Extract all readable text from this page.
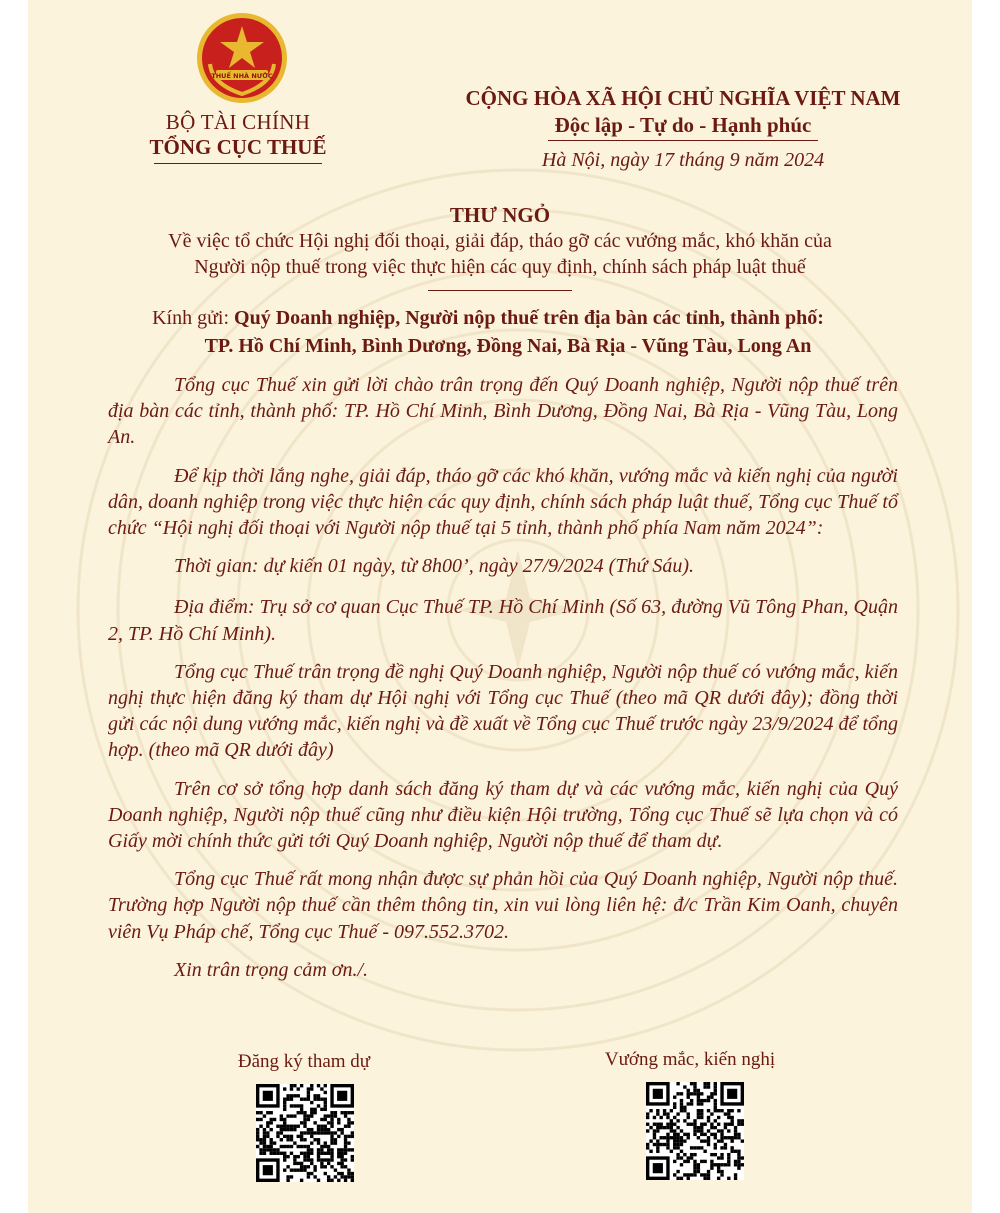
THUẾ NHÀ NƯỚC
BỘ TÀI CHÍNH
TỔNG CỤC THUẾ
CỘNG HÒA XÃ HỘI CHỦ NGHĨA VIỆT NAM
Độc lập - Tự do - Hạnh phúc
Hà Nội, ngày 17 tháng 9 năm 2024
THƯ NGỎ
Về việc tổ chức Hội nghị đối thoại, giải đáp, tháo gỡ các vướng mắc, khó khăn của
Người nộp thuế trong việc thực hiện các quy định, chính sách pháp luật thuế
Kính gửi: Quý Doanh nghiệp, Người nộp thuế trên địa bàn các tỉnh, thành phố:
TP. Hồ Chí Minh, Bình Dương, Đồng Nai, Bà Rịa - Vũng Tàu, Long An

Tổng cục Thuế xin gửi lời chào trân trọng đến Quý Doanh nghiệp, Người nộp thuế trên địa bàn các tỉnh, thành phố: TP. Hồ Chí Minh, Bình Dương, Đồng Nai, Bà Rịa - Vũng Tàu, Long An.

Để kịp thời lắng nghe, giải đáp, tháo gỡ các khó khăn, vướng mắc và kiến nghị của người dân, doanh nghiệp trong việc thực hiện các quy định, chính sách pháp luật thuế, Tổng cục Thuế tổ chức “Hội nghị đối thoại với Người nộp thuế tại 5 tỉnh, thành phố phía Nam năm 2024”:

Thời gian: dự kiến 01 ngày, từ 8h00’, ngày 27/9/2024 (Thứ Sáu).

Địa điểm: Trụ sở cơ quan Cục Thuế TP. Hồ Chí Minh (Số 63, đường Vũ Tông Phan, Quận 2, TP. Hồ Chí Minh).

Tổng cục Thuế trân trọng đề nghị Quý Doanh nghiệp, Người nộp thuế có vướng mắc, kiến nghị thực hiện đăng ký tham dự Hội nghị với Tổng cục Thuế (theo mã QR dưới đây); đồng thời gửi các nội dung vướng mắc, kiến nghị và đề xuất về Tổng cục Thuế trước ngày 23/9/2024 để tổng hợp. (theo mã QR dưới đây)

Trên cơ sở tổng hợp danh sách đăng ký tham dự và các vướng mắc, kiến nghị của Quý Doanh nghiệp, Người nộp thuế cũng như điều kiện Hội trường, Tổng cục Thuế sẽ lựa chọn và có Giấy mời chính thức gửi tới Quý Doanh nghiệp, Người nộp thuế để tham dự.

Tổng cục Thuế rất mong nhận được sự phản hồi của Quý Doanh nghiệp, Người nộp thuế. Trường hợp Người nộp thuế cần thêm thông tin, xin vui lòng liên hệ: đ/c Trần Kim Oanh, chuyên viên Vụ Pháp chế, Tổng cục Thuế - 097.552.3702.

Xin trân trọng cảm ơn./.

Đăng ký tham dự	Vướng mắc, kiến nghị
